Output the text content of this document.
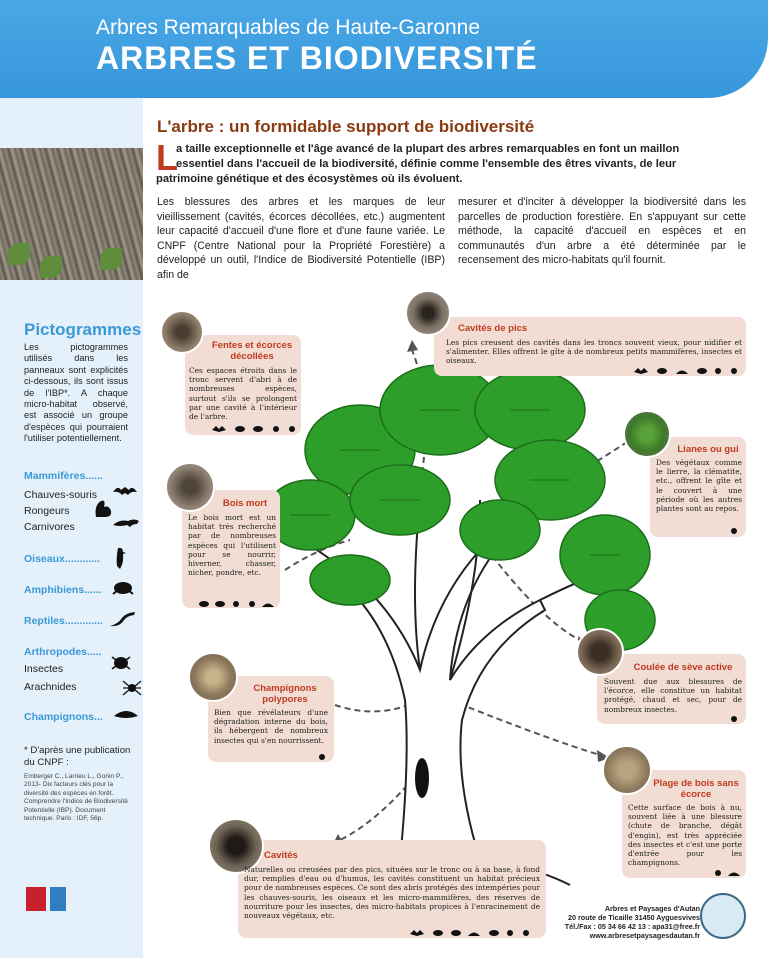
Arbres Remarquables de Haute-Garonne
ARBRES ET BIODIVERSITÉ
Pictogrammes
Les pictogrammes utilisés dans les panneaux sont explicités ci-dessous, ils sont issus de l'IBP*. A chaque micro-habitat observé, est associé un groupe d'espèces qui pourraient l'utiliser potentiellement.
Mammifères......
Chauves-souris
Rongeurs
Carnivores
Oiseaux............
Amphibiens......
Reptiles.............
Arthropodes.....
Insectes
Arachnides
Champignons...
* D'après une publication du CNPF :
Emberger C., Larrieu L., Gonin P., 2013- Dix facteurs clés pour la diversité des espèces en forêt. Comprendre l'Indice de Biodiversité Potentielle (IBP). Document technique. Paris : IDF, 56p.
L'arbre : un formidable support de biodiversité
L
a taille exceptionnelle et l'âge avancé de la plupart des arbres remarquables en font un maillon
essentiel dans l'accueil de la biodiversité, définie comme l'ensemble des êtres vivants, de leur
patrimoine génétique et des écosystèmes où ils évoluent.
Les blessures des arbres et les marques de leur vieillissement (cavités, écorces décollées, etc.) augmentent leur capacité d'accueil d'une flore et d'une faune variée. Le CNPF (Centre National pour la Propriété Forestière) a développé un outil, l'Indice de Biodiversité Potentielle (IBP) afin de
mesurer et d'inciter à développer la biodiversité dans les parcelles de production forestière. En s'appuyant sur cette méthode, la capacité d'accueil en espèces et en communautés d'un arbre a été déterminée par le recensement des micro-habitats qu'il fournit.
Fentes et écorces décollées
Ces espaces étroits dans le tronc servent d'abri à de nombreuses espèces, surtout s'ils se prolongent par une cavité à l'intérieur de l'arbre.
Cavités de pics
Les pics creusent des cavités dans les troncs souvent vieux, pour nidifier et s'alimenter. Elles offrent le gîte à de nombreux petits mammifères, insectes et oiseaux.
Lianes ou gui
Des végétaux comme le lierre, la clématite, etc., offrent le gîte et le couvert à une période où les autres plantes sont au repos.
Bois mort
Le bois mort est un habitat très recherché par de nombreuses espèces qui l'utilisent pour se nourrir, hiverner, chasser, nicher, pondre, etc.
Coulée de sève active
Souvent due aux blessures de l'écorce, elle constitue un habitat protégé, chaud et sec, pour de nombreux insectes.
Champignons polypores
Bien que révélateurs d'une dégradation interne du bois, ils hébergent de nombreux insectes qui s'en nourrissent.
Plage de bois sans écorce
Cette surface de bois à nu, souvent liée à une blessure (chute de branche, dégât d'engin), est très appréciée des insectes et c'est une porte d'entrée pour les champignons.
Cavités
Naturelles ou creusées par des pics, situées sur le tronc ou à sa base, à fond dur, remplies d'eau ou d'humus, les cavités constituent un habitat précieux pour de nombreuses espèces. Ce sont des abris protégés des intempéries pour les chauves-souris, les oiseaux et les micro-mammifères, des réserves de nourriture pour les insectes, des micro-habitats propices à l'enracinement de nouveaux végétaux, etc.
Arbres et Paysages d'Autan
20 route de Ticaille 31450 Ayguesvives
Tél./Fax : 05 34 66 42 13 : apa31@free.fr
www.arbresetpaysagesdautan.fr
